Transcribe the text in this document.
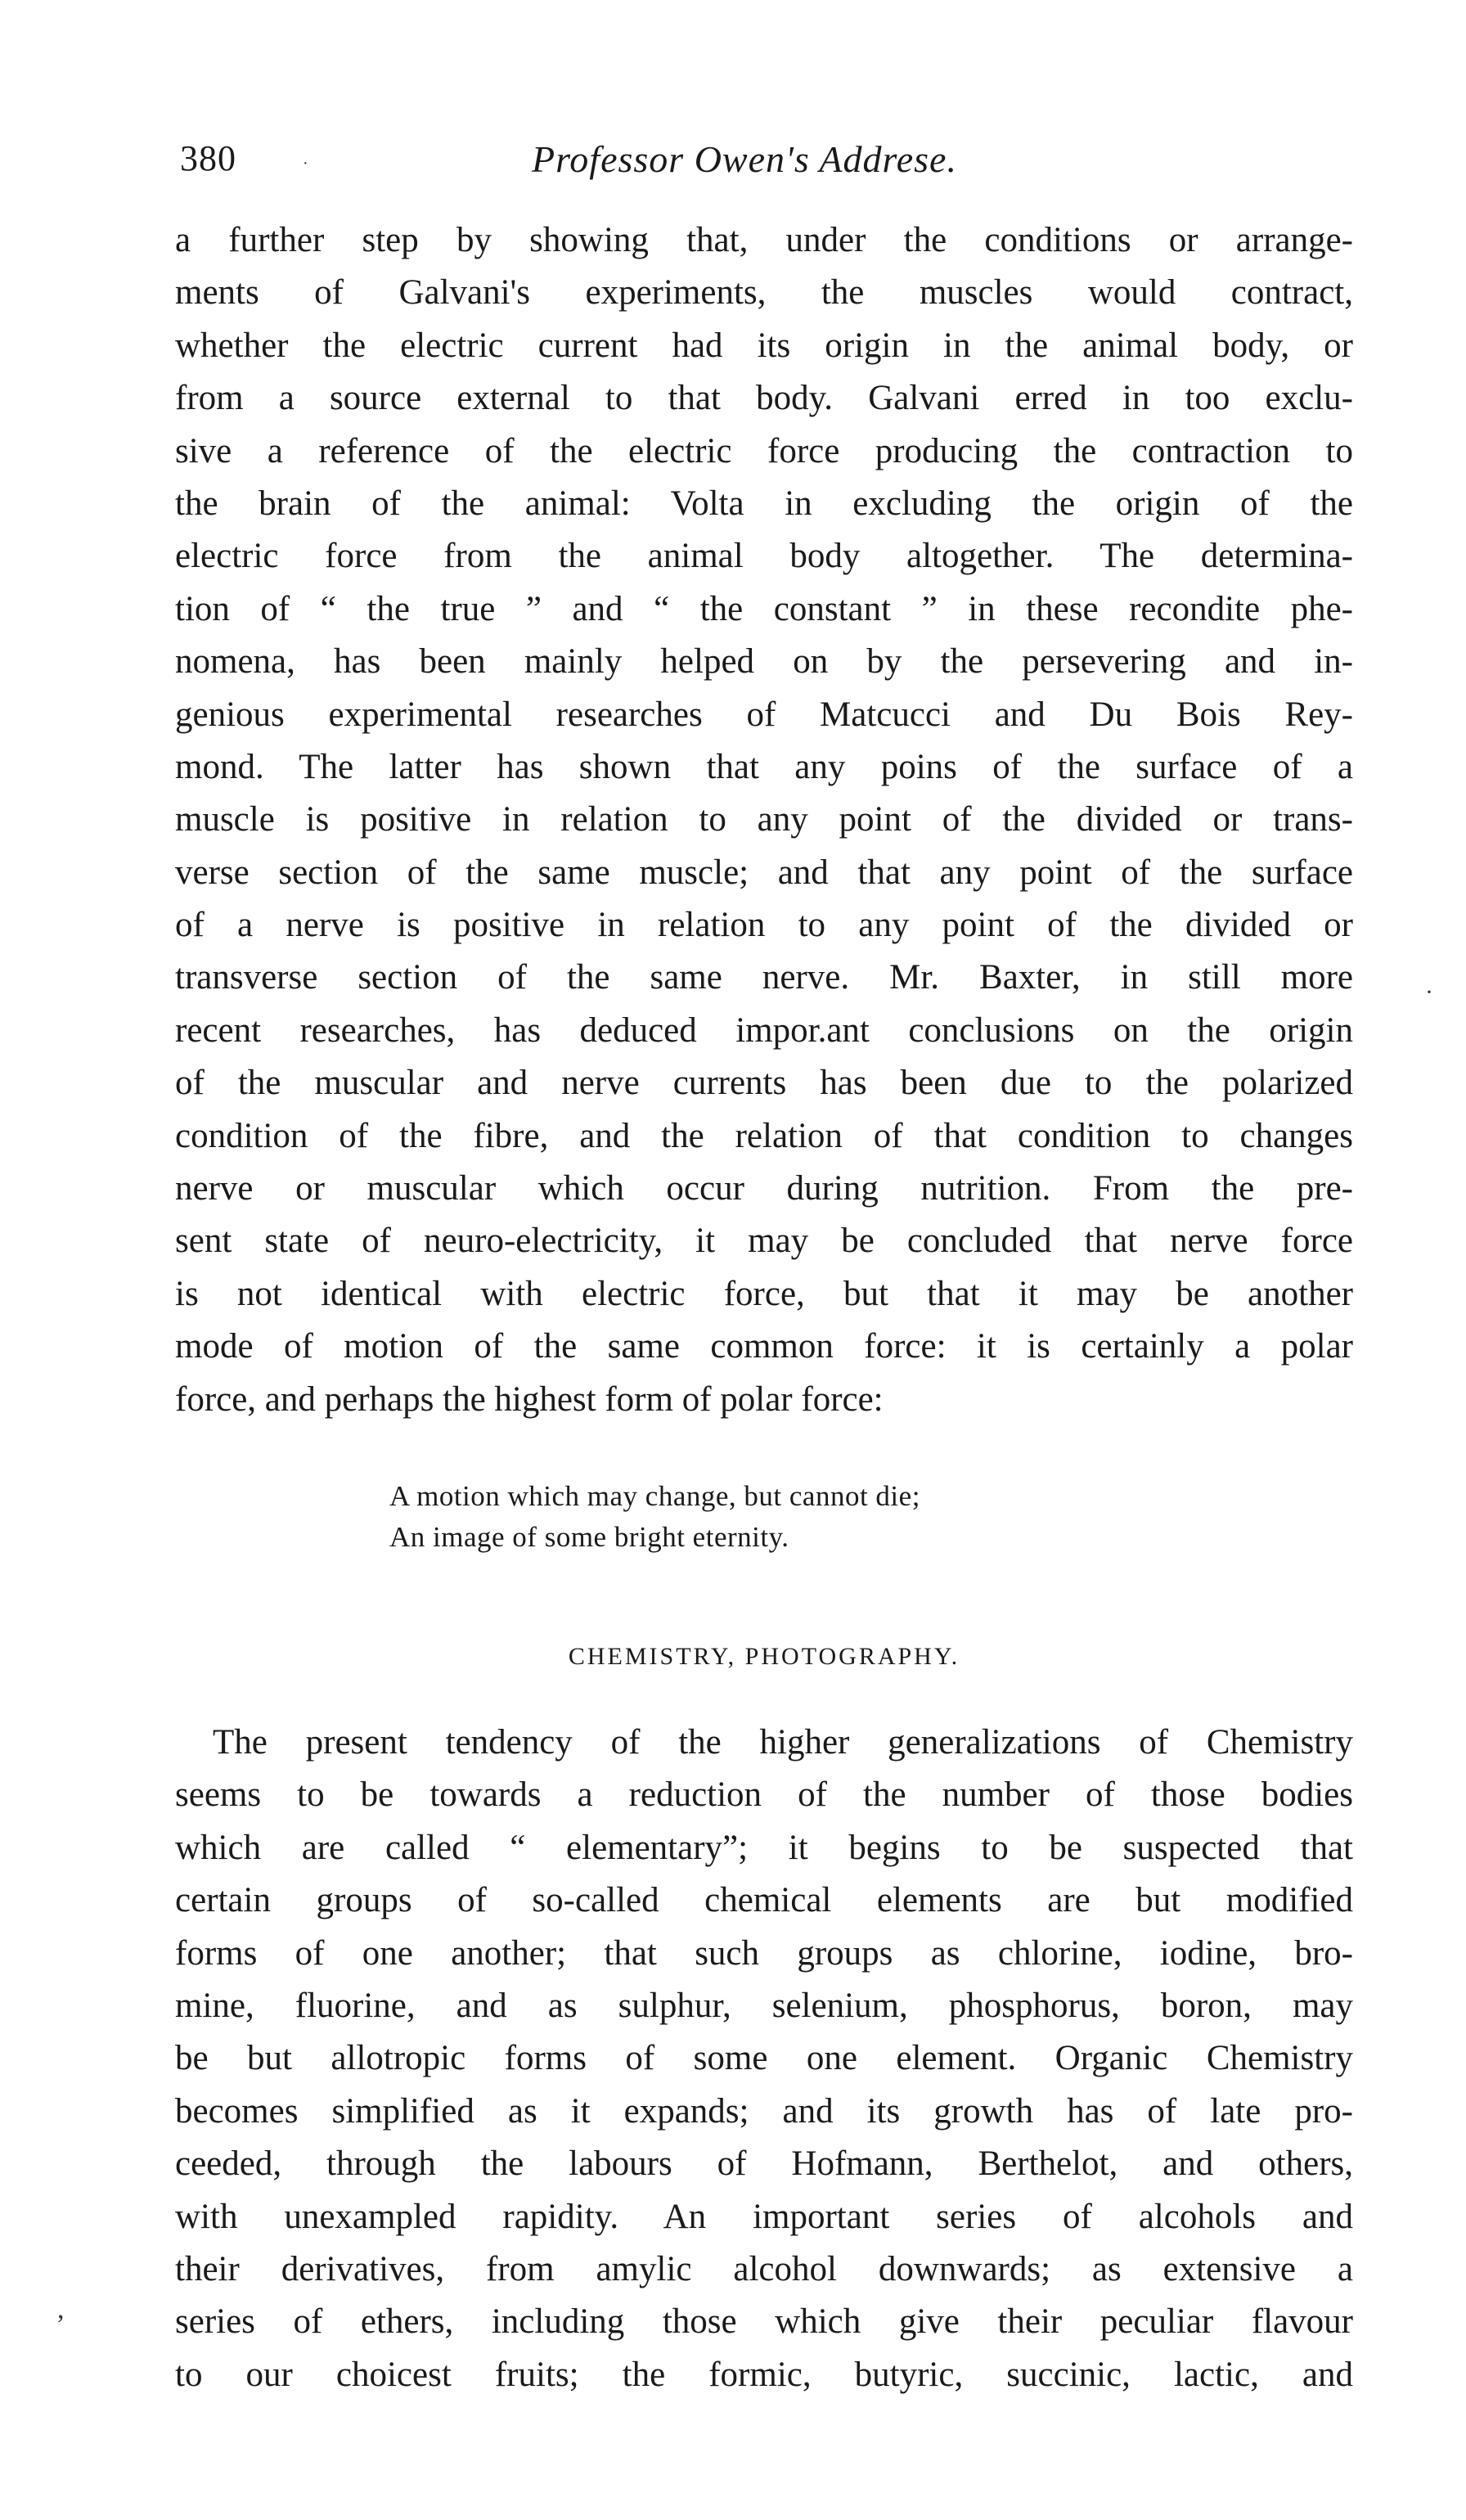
380	Professor Owen's Addrese.
·

a further step by showing that, under the conditions or arrange-
ments of Galvani's experiments, the muscles would contract,
whether the electric current had its origin in the animal body, or
from a source external to that body. Galvani erred in too exclu-
sive a reference of the electric force producing the contraction to
the brain of the animal: Volta in excluding the origin of the
electric force from the animal body altogether. The determina-
tion of “ the true ” and “ the constant ” in these recondite phe-
nomena, has been mainly helped on by the persevering and in-
genious experimental researches of Matcucci and Du Bois Rey-
mond. The latter has shown that any poins of the surface of a
muscle is positive in relation to any point of the divided or trans-
verse section of the same muscle; and that any point of the surface
of a nerve is positive in relation to any point of the divided or
transverse section of the same nerve. Mr. Baxter, in still more
recent researches, has deduced impor.ant conclusions on the origin
of the muscular and nerve currents has been due to the polarized
condition of the fibre, and the relation of that condition to changes
nerve or muscular which occur during nutrition. From the pre-
sent state of neuro-electricity, it may be concluded that nerve force
is not identical with electric force, but that it may be another
mode of motion of the same common force: it is certainly a polar
force, and perhaps the highest form of polar force:

·
A motion which may change, but cannot die;
An image of some bright eternity.
CHEMISTRY, PHOTOGRAPHY.

The present tendency of the higher generalizations of Chemistry
seems to be towards a reduction of the number of those bodies
which are called “ elementary”; it begins to be suspected that
certain groups of so-called chemical elements are but modified
forms of one another; that such groups as chlorine, iodine, bro-
mine, fluorine, and as sulphur, selenium, phosphorus, boron, may
be but allotropic forms of some one element. Organic Chemistry
becomes simplified as it expands; and its growth has of late pro-
ceeded, through the labours of Hofmann, Berthelot, and others,
with unexampled rapidity. An important series of alcohols and
their derivatives, from amylic alcohol downwards; as extensive a
series of ethers, including those which give their peculiar flavour
to our choicest fruits; the formic, butyric, succinic, lactic, and

,
